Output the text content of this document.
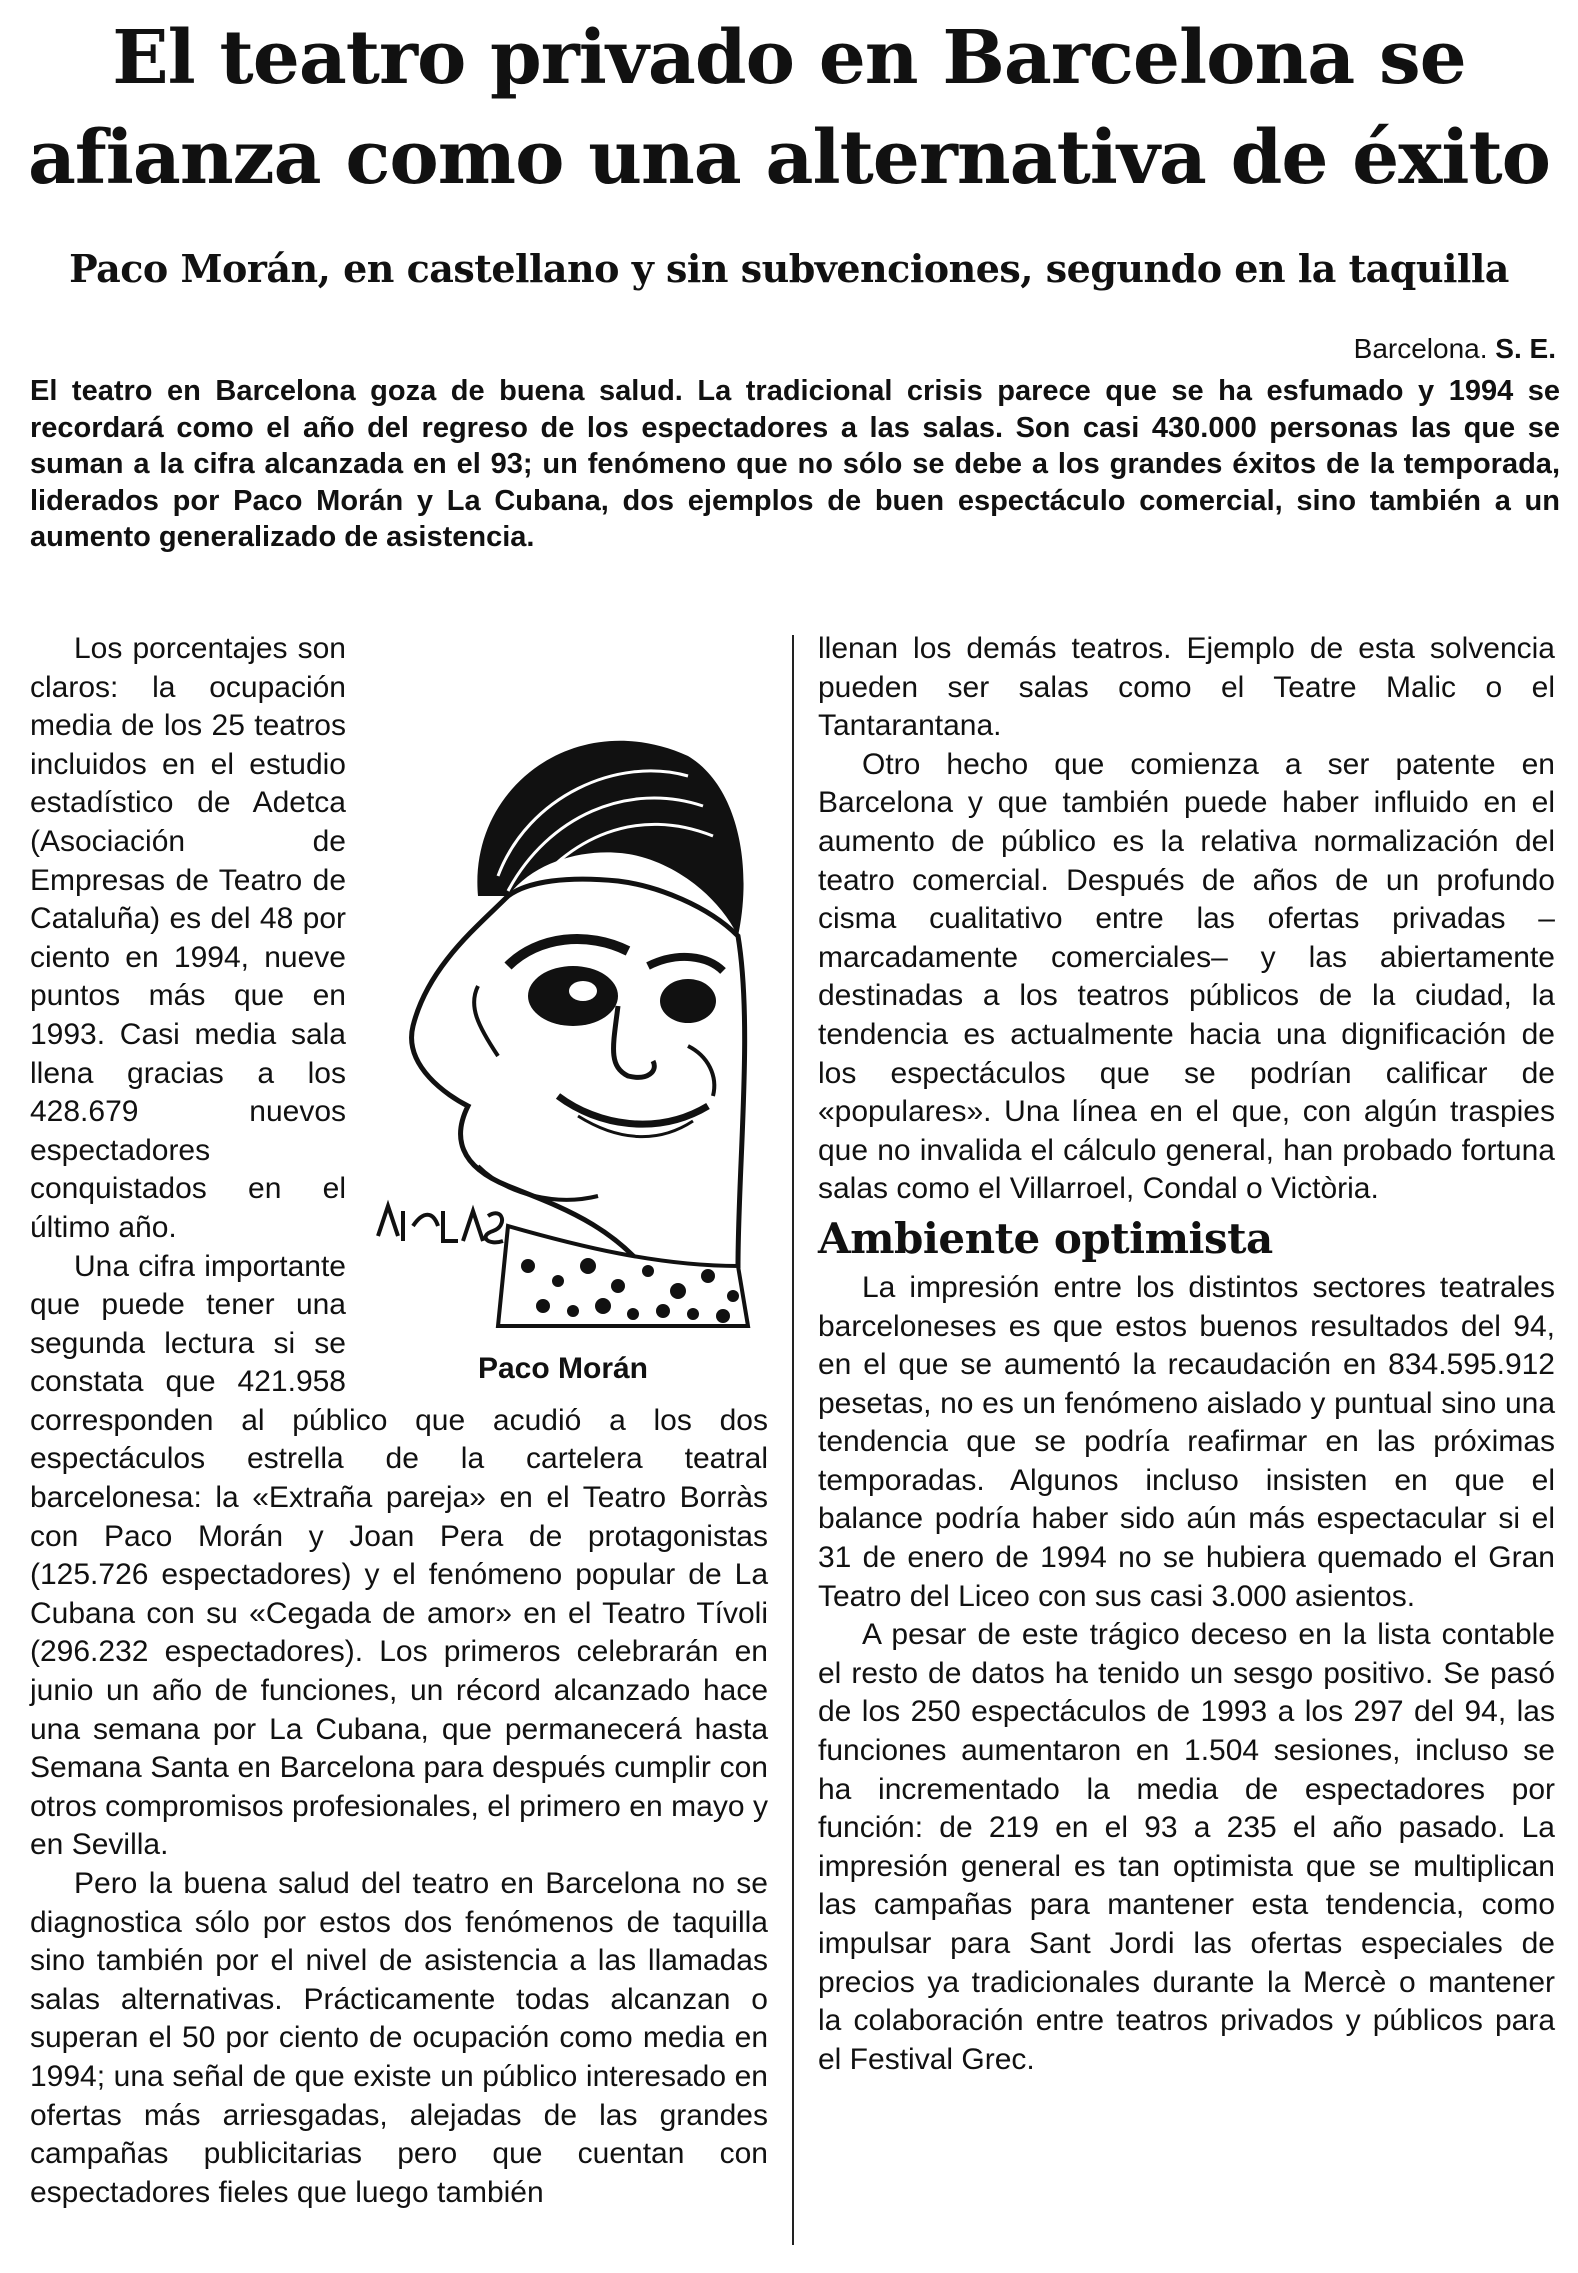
El teatro privado en Barcelona se afianza como una alternativa de éxito
Paco Morán, en castellano y sin subvenciones, segundo en la taquilla

Barcelona. S. E.

El teatro en Barcelona goza de buena salud. La tradicional crisis parece que se ha esfumado y 1994 se recordará como el año del regreso de los espectadores a las salas. Son casi 430.000 personas las que se suman a la cifra alcanzada en el 93; un fenómeno que no sólo se debe a los grandes éxitos de la temporada, liderados por Paco Morán y La Cubana, dos ejemplos de buen espectáculo comercial, sino también a un aumento generalizado de asistencia.

Paco Morán

Los porcentajes son claros: la ocupación media de los 25 teatros incluidos en el estudio estadístico de Adetca (Asociación de Empresas de Teatro de Cataluña) es del 48 por ciento en 1994, nueve puntos más que en 1993. Casi media sala llena gracias a los 428.679 nuevos espectadores conquistados en el último año.

Una cifra importante que puede tener una segunda lectura si se constata que 421.958 corresponden al público que acudió a los dos espectáculos estrella de la cartelera teatral barcelonesa: la «Extraña pareja» en el Teatro Borràs con Paco Morán y Joan Pera de protagonistas (125.726 espectadores) y el fenómeno popular de La Cubana con su «Cegada de amor» en el Teatro Tívoli (296.232 espectadores). Los primeros celebrarán en junio un año de funciones, un récord alcanzado hace una semana por La Cubana, que permanecerá hasta Semana Santa en Barcelona para después cumplir con otros compromisos profesionales, el primero en mayo y en Sevilla.

Pero la buena salud del teatro en Barcelona no se diagnostica sólo por estos dos fenómenos de taquilla sino también por el nivel de asistencia a las llamadas salas alternativas. Prácticamente todas alcanzan o superan el 50 por ciento de ocupación como media en 1994; una señal de que existe un público interesado en ofertas más arriesgadas, alejadas de las grandes campañas publicitarias pero que cuentan con espectadores fieles que luego también

llenan los demás teatros. Ejemplo de esta solvencia pueden ser salas como el Teatre Malic o el Tantarantana.

Otro hecho que comienza a ser patente en Barcelona y que también puede haber influido en el aumento de público es la relativa normalización del teatro comercial. Después de años de un profundo cisma cualitativo entre las ofertas privadas –marcadamente comerciales– y las abiertamente destinadas a los teatros públicos de la ciudad, la tendencia es actualmente hacia una dignificación de los espectáculos que se podrían calificar de «populares». Una línea en el que, con algún traspies que no invalida el cálculo general, han probado fortuna salas como el Villarroel, Condal o Victòria.

Ambiente optimista

La impresión entre los distintos sectores teatrales barceloneses es que estos buenos resultados del 94, en el que se aumentó la recaudación en 834.595.912 pesetas, no es un fenómeno aislado y puntual sino una tendencia que se podría reafirmar en las próximas temporadas. Algunos incluso insisten en que el balance podría haber sido aún más espectacular si el 31 de enero de 1994 no se hubiera quemado el Gran Teatro del Liceo con sus casi 3.000 asientos.

A pesar de este trágico deceso en la lista contable el resto de datos ha tenido un sesgo positivo. Se pasó de los 250 espectáculos de 1993 a los 297 del 94, las funciones aumentaron en 1.504 sesiones, incluso se ha incrementado la media de espectadores por función: de 219 en el 93 a 235 el año pasado. La impresión general es tan optimista que se multiplican las campañas para mantener esta tendencia, como impulsar para Sant Jordi las ofertas especiales de precios ya tradicionales durante la Mercè o mantener la colaboración entre teatros privados y públicos para el Festival Grec.
